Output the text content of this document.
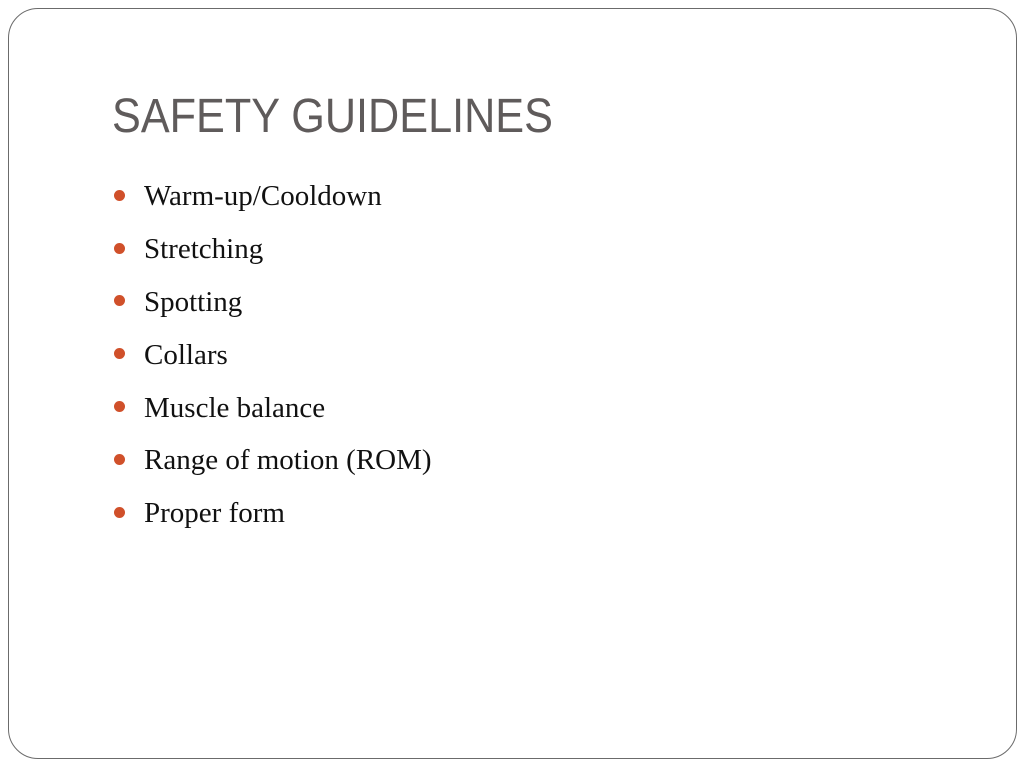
SAFETY GUIDELINES
Warm-up/Cooldown
Stretching
Spotting
Collars
Muscle balance
Range of motion (ROM)
Proper form
